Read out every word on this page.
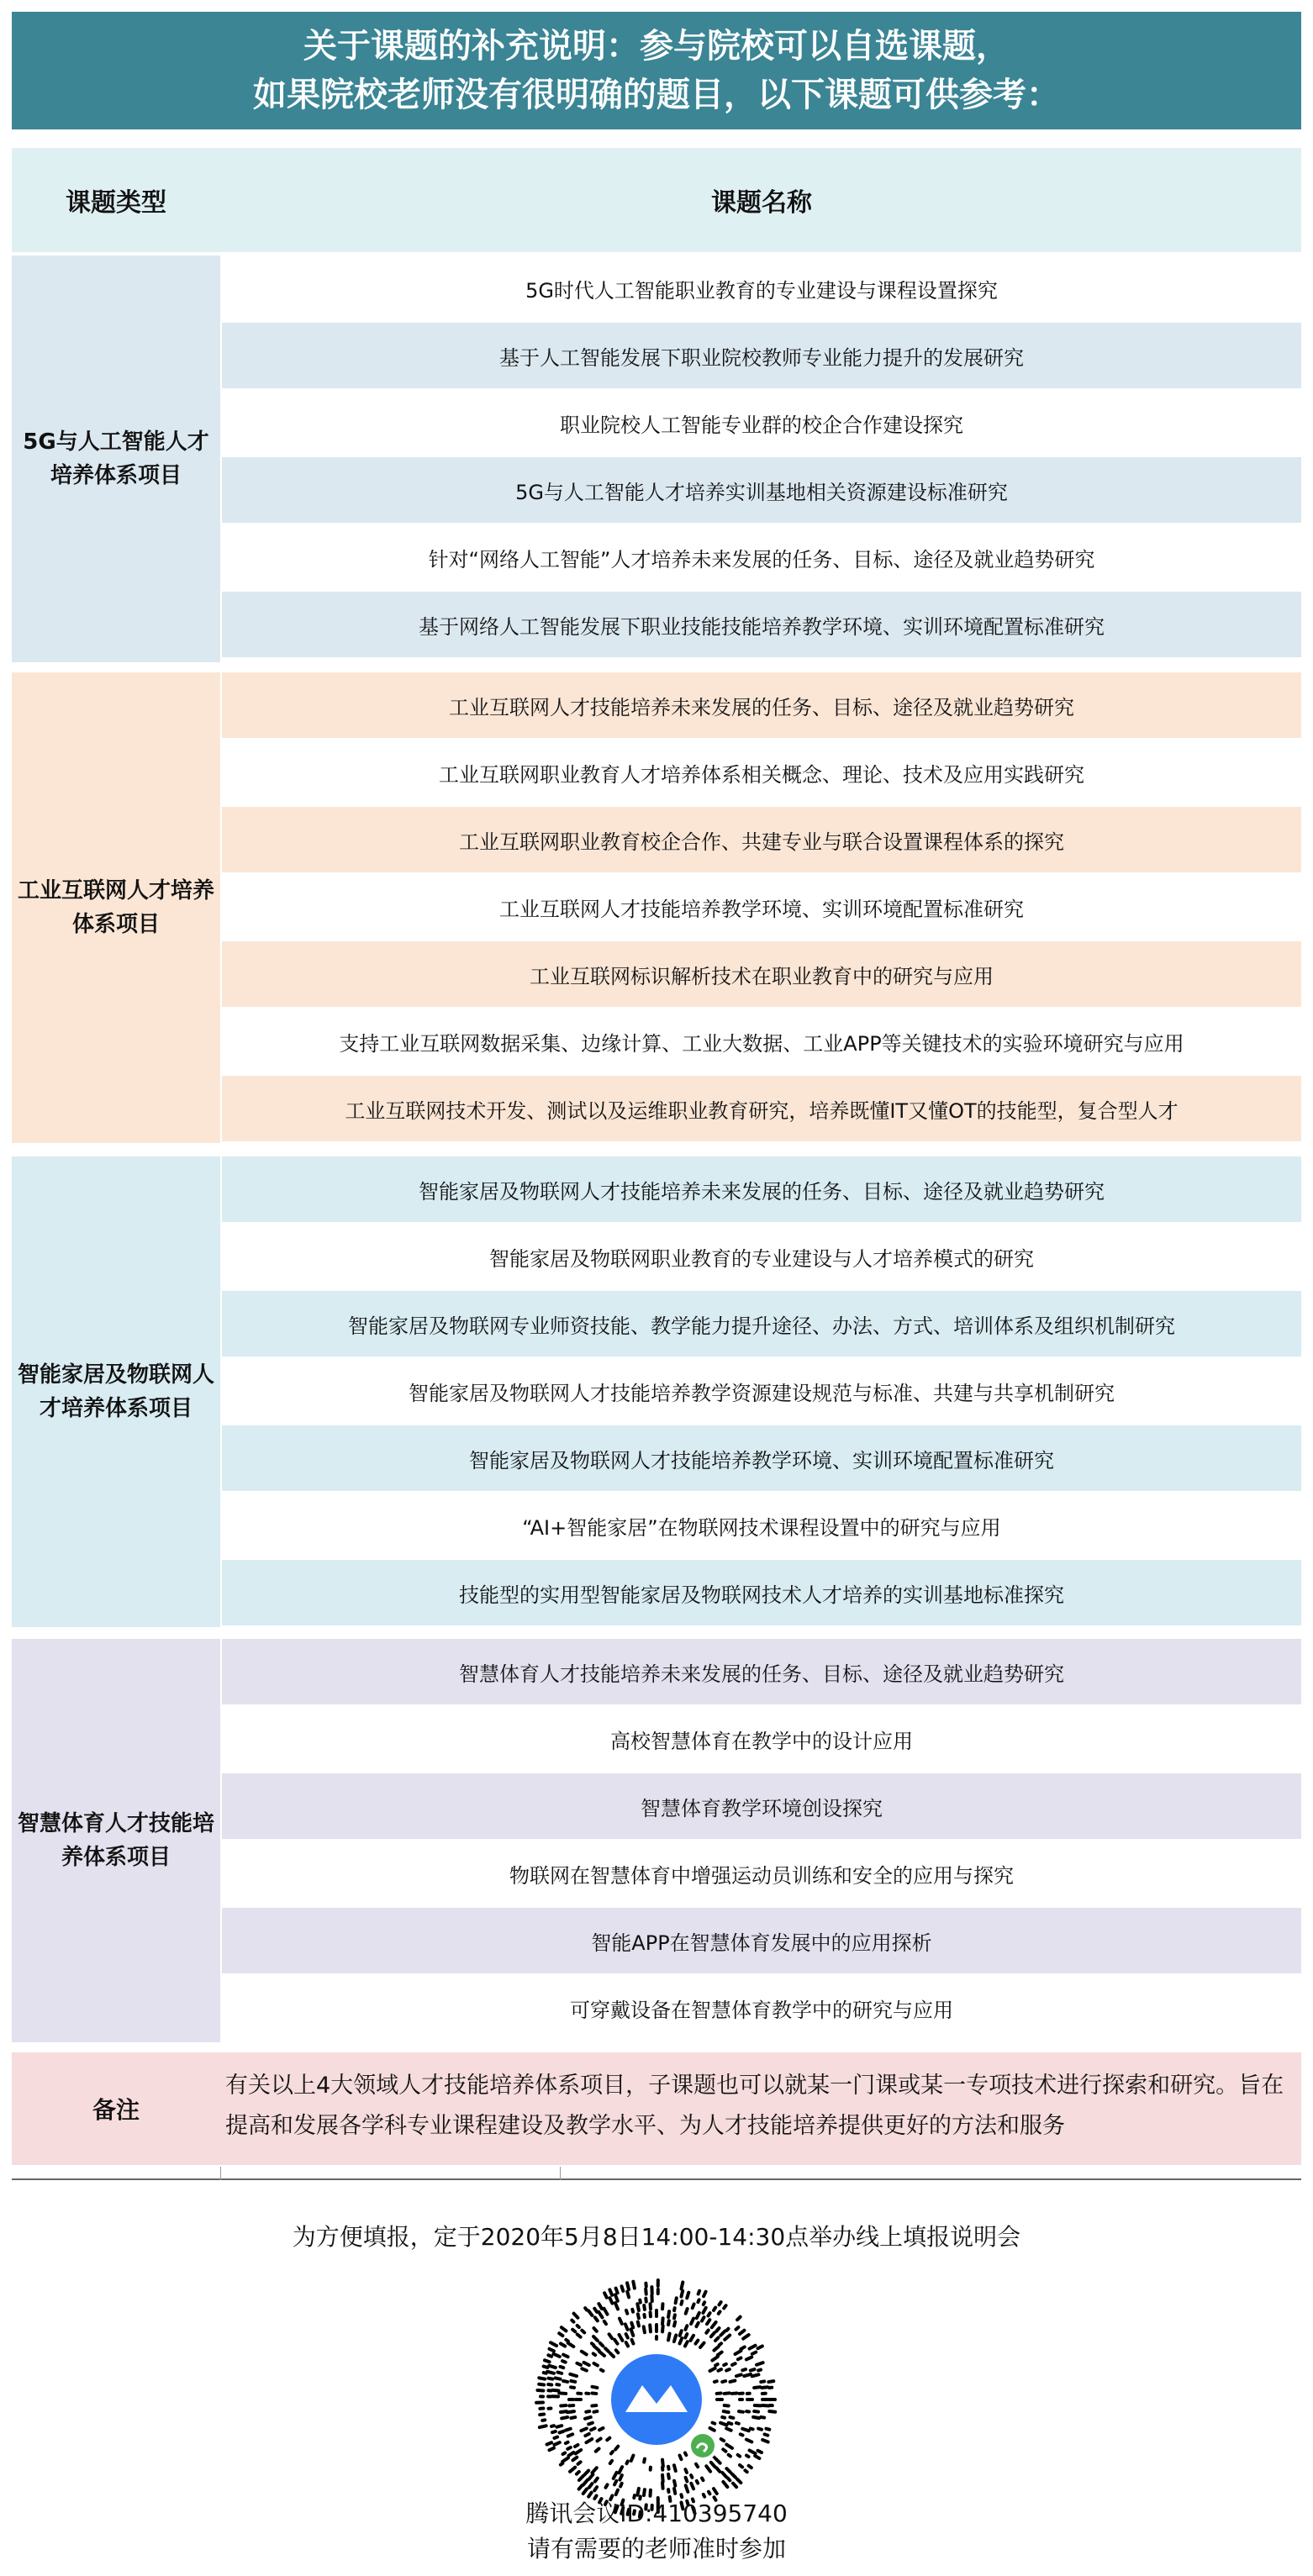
关于课题的补充说明：参与院校可以自选课题，
如果院校老师没有很明确的题目，以下课题可供参考：
课题类型	课题名称
5G与人工智能人才培养体系项目
5G时代人工智能职业教育的专业建设与课程设置探究
基于人工智能发展下职业院校教师专业能力提升的发展研究
职业院校人工智能专业群的校企合作建设探究
5G与人工智能人才培养实训基地相关资源建设标准研究
针对“网络人工智能”人才培养未来发展的任务、目标、途径及就业趋势研究
基于网络人工智能发展下职业技能技能培养教学环境、实训环境配置标准研究
工业互联网人才培养体系项目
工业互联网人才技能培养未来发展的任务、目标、途径及就业趋势研究
工业互联网职业教育人才培养体系相关概念、理论、技术及应用实践研究
工业互联网职业教育校企合作、共建专业与联合设置课程体系的探究
工业互联网人才技能培养教学环境、实训环境配置标准研究
工业互联网标识解析技术在职业教育中的研究与应用
支持工业互联网数据采集、边缘计算、工业大数据、工业APP等关键技术的实验环境研究与应用
工业互联网技术开发、测试以及运维职业教育研究，培养既懂IT又懂OT的技能型，复合型人才
智能家居及物联网人才培养体系项目
智能家居及物联网人才技能培养未来发展的任务、目标、途径及就业趋势研究
智能家居及物联网职业教育的专业建设与人才培养模式的研究
智能家居及物联网专业师资技能、教学能力提升途径、办法、方式、培训体系及组织机制研究
智能家居及物联网人才技能培养教学资源建设规范与标准、共建与共享机制研究
智能家居及物联网人才技能培养教学环境、实训环境配置标准研究
“AI+智能家居”在物联网技术课程设置中的研究与应用
技能型的实用型智能家居及物联网技术人才培养的实训基地标准探究
智慧体育人才技能培养体系项目
智慧体育人才技能培养未来发展的任务、目标、途径及就业趋势研究
高校智慧体育在教学中的设计应用
智慧体育教学环境创设探究
物联网在智慧体育中增强运动员训练和安全的应用与探究
智能APP在智慧体育发展中的应用探析
可穿戴设备在智慧体育教学中的研究与应用
备注
有关以上4大领域人才技能培养体系项目，子课题也可以就某一门课或某一专项技术进行探索和研究。旨在提高和发展各学科专业课程建设及教学水平、为人才技能培养提供更好的方法和服务
为方便填报，定于2020年5月8日14:00-14:30点举办线上填报说明会
腾讯会议ID:410395740
请有需要的老师准时参加
